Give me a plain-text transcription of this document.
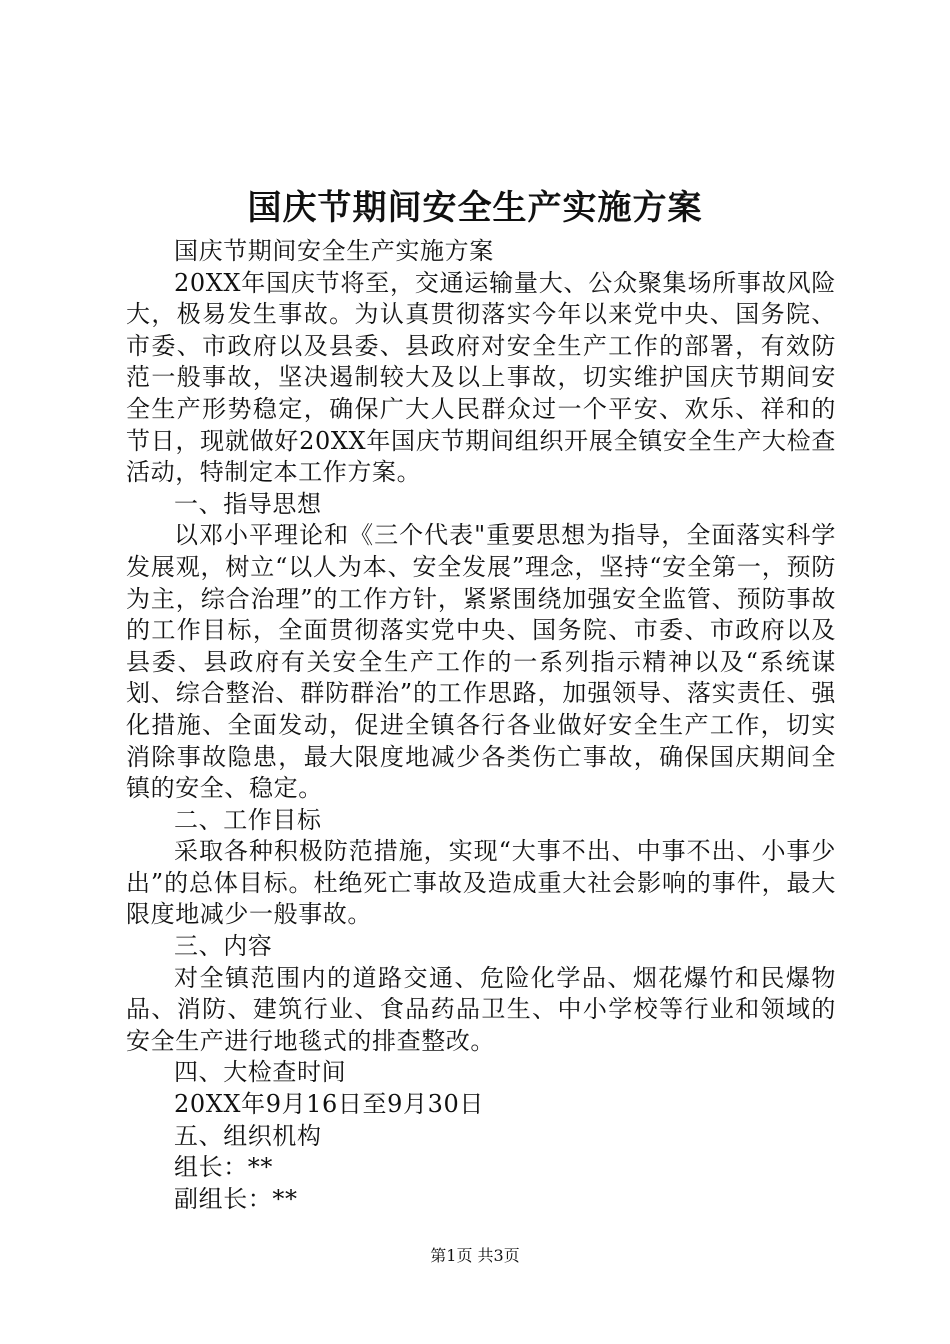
国庆节期间安全生产实施方案

国庆节期间安全生产实施方案

20XX年国庆节将至，交通运输量大、公众聚集场所事故风险大，极易发生事故。为认真贯彻落实今年以来党中央、国务院、市委、市政府以及县委、县政府对安全生产工作的部署，有效防范一般事故，坚决遏制较大及以上事故，切实维护国庆节期间安全生产形势稳定，确保广大人民群众过一个平安、欢乐、祥和的节日，现就做好20XX年国庆节期间组织开展全镇安全生产大检查活动，特制定本工作方案。

一、指导思想

以邓小平理论和《三个代表"重要思想为指导，全面落实科学发展观，树立“以人为本、安全发展”理念，坚持“安全第一，预防为主，综合治理”的工作方针，紧紧围绕加强安全监管、预防事故的工作目标，全面贯彻落实党中央、国务院、市委、市政府以及县委、县政府有关安全生产工作的一系列指示精神以及“系统谋划、综合整治、群防群治”的工作思路，加强领导、落实责任、强化措施、全面发动，促进全镇各行各业做好安全生产工作，切实消除事故隐患，最大限度地减少各类伤亡事故，确保国庆期间全镇的安全、稳定。

二、工作目标

采取各种积极防范措施，实现“大事不出、中事不出、小事少出”的总体目标。杜绝死亡事故及造成重大社会影响的事件，最大限度地减少一般事故。

三、内容

对全镇范围内的道路交通、危险化学品、烟花爆竹和民爆物品、消防、建筑行业、食品药品卫生、中小学校等行业和领域的安全生产进行地毯式的排查整改。

四、大检查时间

20XX年9月16日至9月30日

五、组织机构

组长：**

副组长：**

第1页 共3页
